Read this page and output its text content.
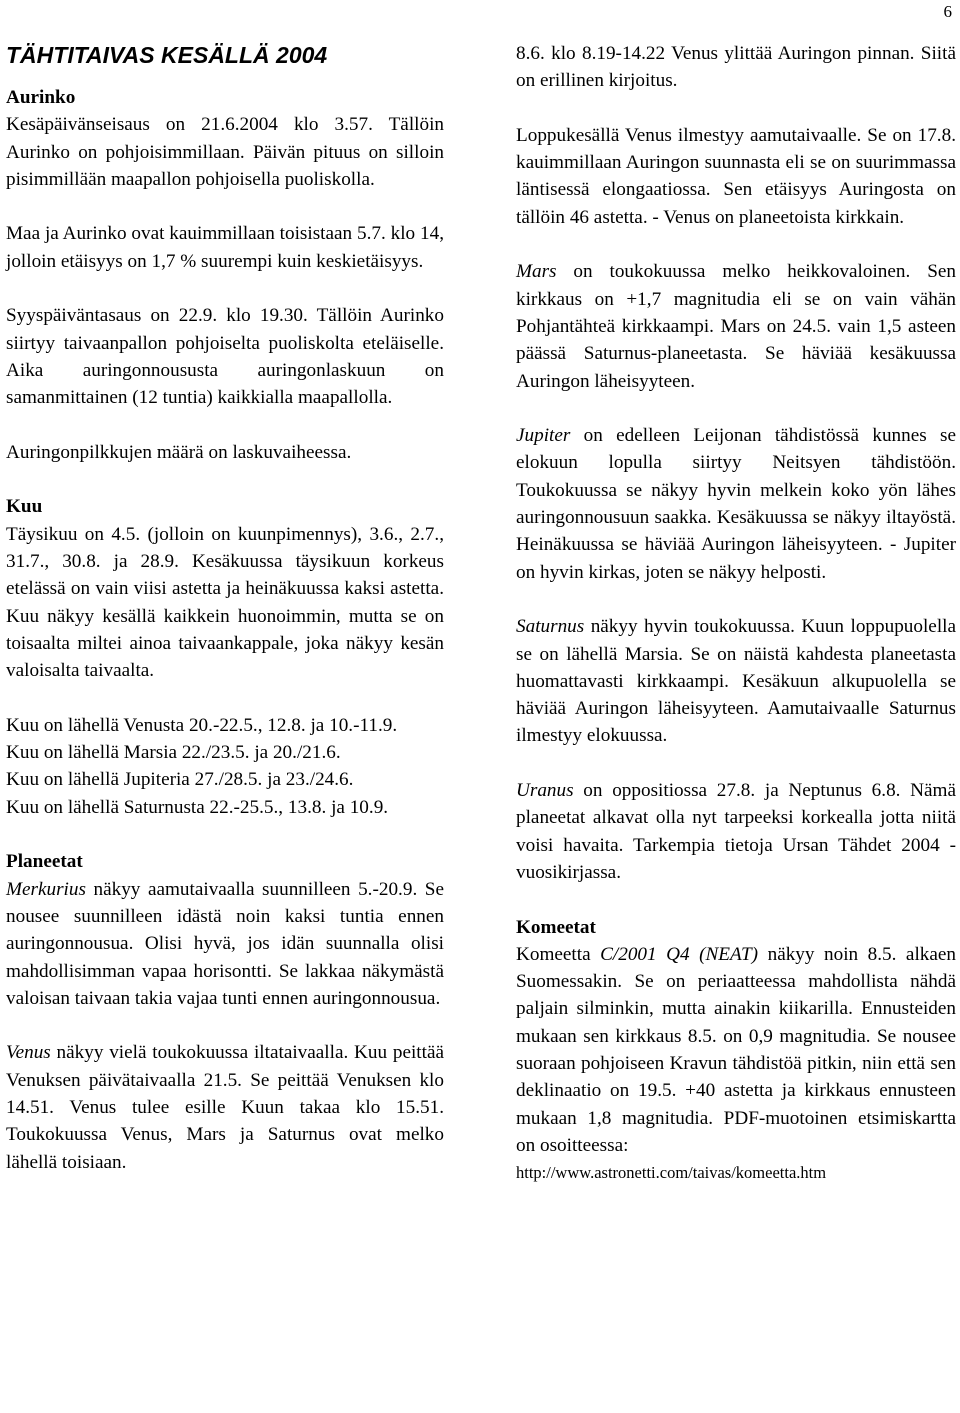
6
TÄHTITAIVAS KESÄLLÄ 2004
Aurinko

Kesäpäivänseisaus on 21.6.2004 klo 3.57. Tällöin Aurinko on pohjoisimmillaan. Päivän pituus on silloin pisimmillään maapallon pohjoisella puoliskolla.

Maa ja Aurinko ovat kauimmillaan toisistaan 5.7. klo 14, jolloin etäisyys on 1,7 % suurempi kuin keskietäisyys.

Syyspäiväntasaus on 22.9. klo 19.30. Tällöin Aurinko siirtyy taivaanpallon pohjoiselta puoliskolta eteläiselle. Aika auringonnoususta auringonlaskuun on samanmittainen (12 tuntia) kaikkialla maapallolla.

Auringonpilkkujen määrä on laskuvaiheessa.

Kuu

Täysikuu on 4.5. (jolloin on kuunpimennys), 3.6., 2.7., 31.7., 30.8. ja 28.9. Kesäkuussa täysikuun korkeus etelässä on vain viisi astetta ja heinäkuussa kaksi astetta. Kuu näkyy kesällä kaikkein huonoimmin, mutta se on toisaalta miltei ainoa taivaankappale, joka näkyy kesän valoisalta taivaalta.

Kuu on lähellä Venusta 20.-22.5., 12.8. ja 10.-11.9.

Kuu on lähellä Marsia 22./23.5. ja 20./21.6.

Kuu on lähellä Jupiteria 27./28.5. ja 23./24.6.

Kuu on lähellä Saturnusta 22.-25.5., 13.8. ja 10.9.

Planeetat

Merkurius näkyy aamutaivaalla suunnilleen 5.-20.9. Se nousee suunnilleen idästä noin kaksi tuntia ennen auringonnousua. Olisi hyvä, jos idän suunnalla olisi mahdollisimman vapaa horisontti. Se lakkaa näkymästä valoisan taivaan takia vajaa tunti ennen auringonnousua.

Venus näkyy vielä toukokuussa iltataivaalla. Kuu peittää Venuksen päivätaivaalla 21.5. Se peittää Venuksen klo 14.51. Venus tulee esille Kuun takaa klo 15.51. Toukokuussa Venus, Mars ja Saturnus ovat melko lähellä toisiaan.

8.6. klo 8.19-14.22 Venus ylittää Auringon pinnan. Siitä on erillinen kirjoitus.

Loppukesällä Venus ilmestyy aamutaivaalle. Se on 17.8. kauimmillaan Auringon suunnasta eli se on suurimmassa läntisessä elongaatiossa. Sen etäisyys Auringosta on tällöin 46 astetta. - Venus on planeetoista kirkkain.

Mars on toukokuussa melko heikkovaloinen. Sen kirkkaus on +1,7 magnitudia eli se on vain vähän Pohjantähteä kirkkaampi. Mars on 24.5. vain 1,5 asteen päässä Saturnus-planeetasta. Se häviää kesäkuussa Auringon läheisyyteen.

Jupiter on edelleen Leijonan tähdistössä kunnes se elokuun lopulla siirtyy Neitsyen tähdistöön. Toukokuussa se näkyy hyvin melkein koko yön lähes auringonnousuun saakka. Kesäkuussa se näkyy iltayöstä. Heinäkuussa se häviää Auringon läheisyyteen. - Jupiter on hyvin kirkas, joten se näkyy helposti.

Saturnus näkyy hyvin toukokuussa. Kuun loppupuolella se on lähellä Marsia. Se on näistä kahdesta planeetasta huomattavasti kirkkaampi. Kesäkuun alkupuolella se häviää Auringon läheisyyteen. Aamutaivaalle Saturnus ilmestyy elokuussa.

Uranus on oppositiossa 27.8. ja Neptunus 6.8. Nämä planeetat alkavat olla nyt tarpeeksi korkealla jotta niitä voisi havaita. Tarkempia tietoja Ursan Tähdet 2004 -vuosikirjassa.

Komeetat

Komeetta C/2001 Q4 (NEAT) näkyy noin 8.5. alkaen Suomessakin. Se on periaatteessa mahdollista nähdä paljain silminkin, mutta ainakin kiikarilla. Ennusteiden mukaan sen kirkkaus 8.5. on 0,9 magnitudia. Se nousee suoraan pohjoiseen Kravun tähdistöä pitkin, niin että sen deklinaatio on 19.5. +40 astetta ja kirkkaus ennusteen mukaan 1,8 magnitudia. PDF-muotoinen etsimiskartta on osoitteessa:

http://www.astronetti.com/taivas/komeetta.htm
